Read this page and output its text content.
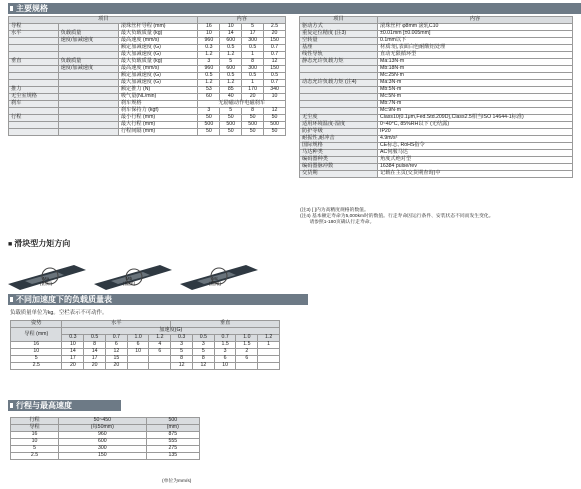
主要规格
项目			内容			
导程		滚珠丝杆导程 (mm)	16	10	5	2.5
水平	负载质量	最大负载质量 (kg)	10	14	17	20
	速度/加减速度	最高速度 (mm/s)	960	600	300	150
		额定加减速度 (G)	0.3	0.5	0.5	0.7
		最大加减速度 (G)	1.2	1.2	1	0.7
垂直	负载质量	最大负载质量 (kg)	3	5	8	12
	速度/加减速度	最高速度 (mm/s)	960	600	300	150
		额定加减速度 (G)	0.5	0.5	0.5	0.5
		最大加减速度 (G)	1.2	1.2	1	0.7
推力		额定推力 (N)	53	85	170	340
无尘室规格		吸气量(NL/min)	60	40	20	10
刹车		刹车规格	无励磁动作电磁刹车			
		刹车保持力 (kgf)	3	5	8	12
行程		最小行程 (mm)	50	50	50	50
		最大行程 (mm)	500	500	500	500
		行程间隔 (mm)	50	50	50	50
项目	内容
驱动方式	滚珠丝杆 φ8mm 滚轧C10
重复定位精度 (注3)	±0.01mm [±0.005mm]
空转量	0.1mm以下
基座	材质:铝,表面白色耐酸铝处理
线性导轨	直动无限循环型
静态允许负载力矩	Ma:13N·m
	Mb:18N·m
	Mc:25N·m
动态允许负载力矩 (注4)	Ma:3N·m
	Mb:5N·m
	Mc:5N·m
	Mb:7N·m
	Mc:9N·m
无尘度	Class10(0.1μm,Fed.Std.209D),Class2.5相当ISO 14644-1标准)
适用环境温度·湿度	0~40°C, 85%RH以下 (无结露)
防护等级	IP20
耐振性,耐冲击	4.9m/s²
国际规格	CE标志, RoHS指令
马达种类	AC伺服马达
编码器种类	角度式绝对型
编码器脉冲数	16384 pulse/rev
交货期	记载在主页(交货期查询)中
(注3) [ ]内为高精度规格的数值。
(注4) 基本额定寿命为5,000km时的数值。行走寿命因运行条件、安装状态不同而发生变化。
请参照1-180页确认行走寿命。
■ 滑块型力矩方向
Ma
(俯仰)
Mb
(偏摆)
Mc
(翻滚)
不同加速度下的负载质量表
负载质量单位为kg。空栏表示不可动作。
姿势	水平					垂直				
导程 (mm)	加速度(G)									
	0.3	0.5	0.7	1.0	1.2	0.3	0.5	0.7	1.0	1.2
16	10	8	6	6	4	3	3	1.5	1.5	1
10	14	14	12	10	6	5	5	3	2	
5	17	17	15			8	8	6	6	
2.5	20	20	20			12	12	10		
行程与最高速度
行程	50~450	500
导程	(每50mm)	(mm)
16	960	875
10	600	555
5	300	275
2.5	150	135
(单位为mm/s)
